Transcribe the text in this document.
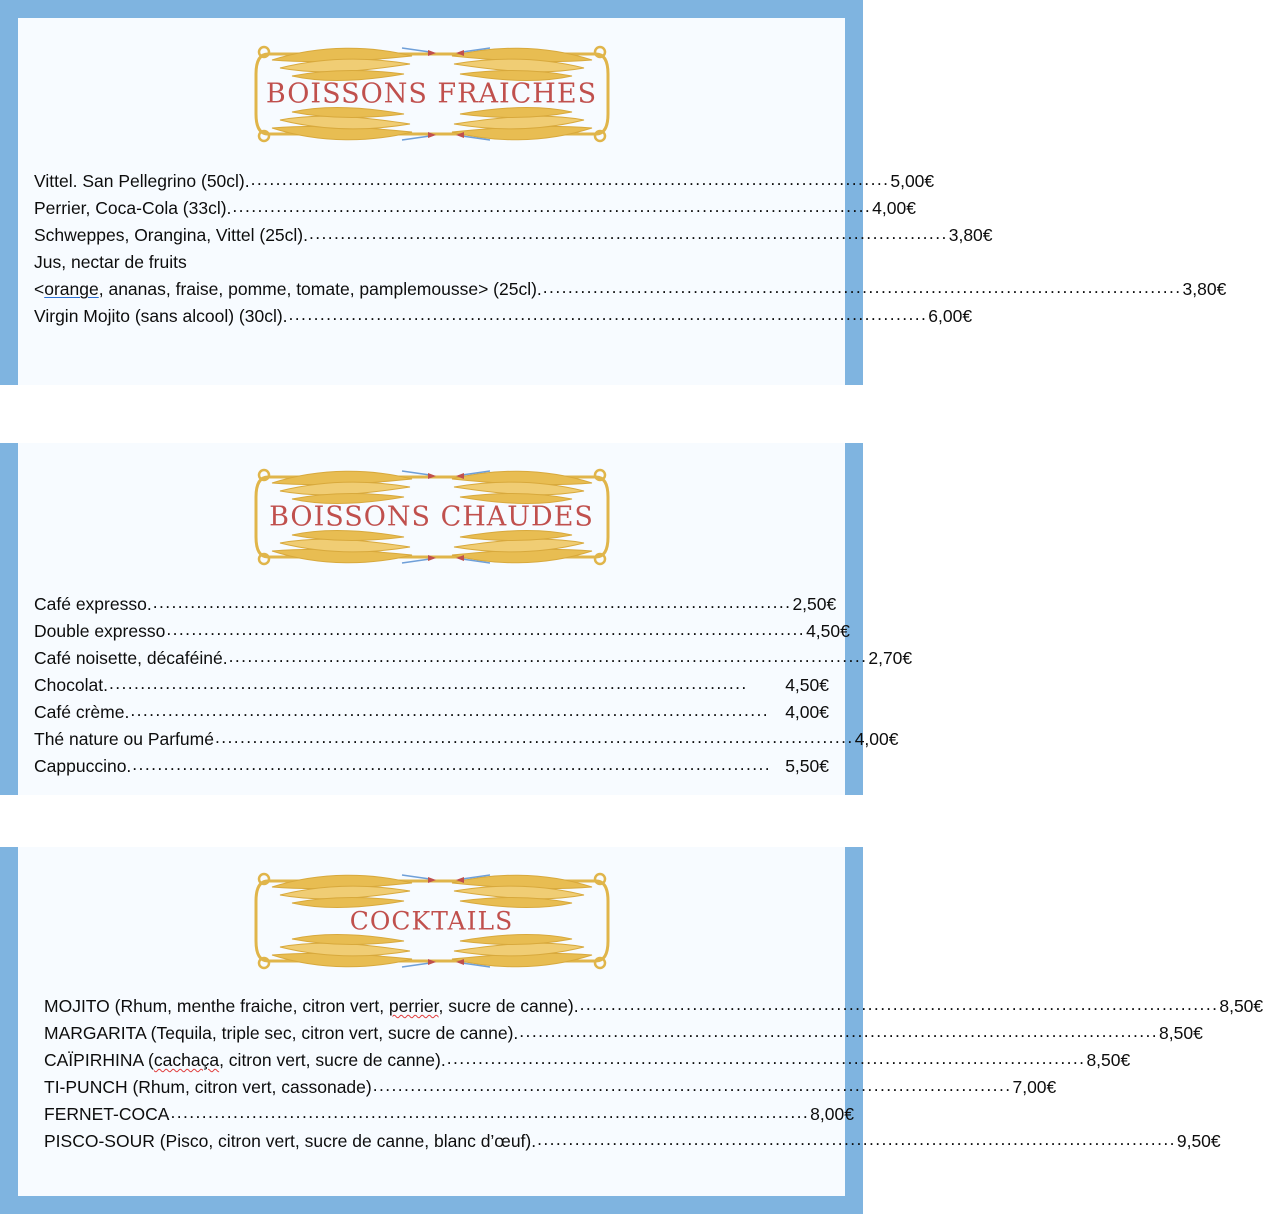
BOISSONS FRAICHES
Vittel. San Pellegrino (50cl). ...................................................................................................... 5,00€
Perrier, Coca-Cola (33cl). ...................................................................................................... 4,00€
Schweppes, Orangina, Vittel (25cl). ...................................................................................................... 3,80€
Jus, nectar de fruits
<orange, ananas, fraise, pomme, tomate, pamplemousse> (25cl). ...................................................................................................... 3,80€
Virgin Mojito (sans alcool) (30cl). ...................................................................................................... 6,00€
BOISSONS CHAUDES
Café expresso. ...................................................................................................... 2,50€
Double expresso ...................................................................................................... 4,50€
Café noisette, décaféiné. ...................................................................................................... 2,70€
Chocolat. ......................................................................................................	4,50€
Café crème. ...................................................................................................... 4,00€
Thé nature ou Parfumé ...................................................................................................... 4,00€
Cappuccino. ...................................................................................................... 5,50€
COCKTAILS
MOJITO (Rhum, menthe fraiche, citron vert, perrier, sucre de canne). ...................................................................................................... 8,50€
MARGARITA (Tequila, triple sec, citron vert, sucre de canne). ...................................................................................................... 8,50€
CAÏPIRHINA (cachaça, citron vert, sucre de canne). ...................................................................................................... 8,50€
TI-PUNCH (Rhum, citron vert, cassonade) ...................................................................................................... 7,00€
FERNET-COCA ...................................................................................................... 8,00€
PISCO-SOUR (Pisco, citron vert, sucre de canne, blanc d’œuf). ...................................................................................................... 9,50€
